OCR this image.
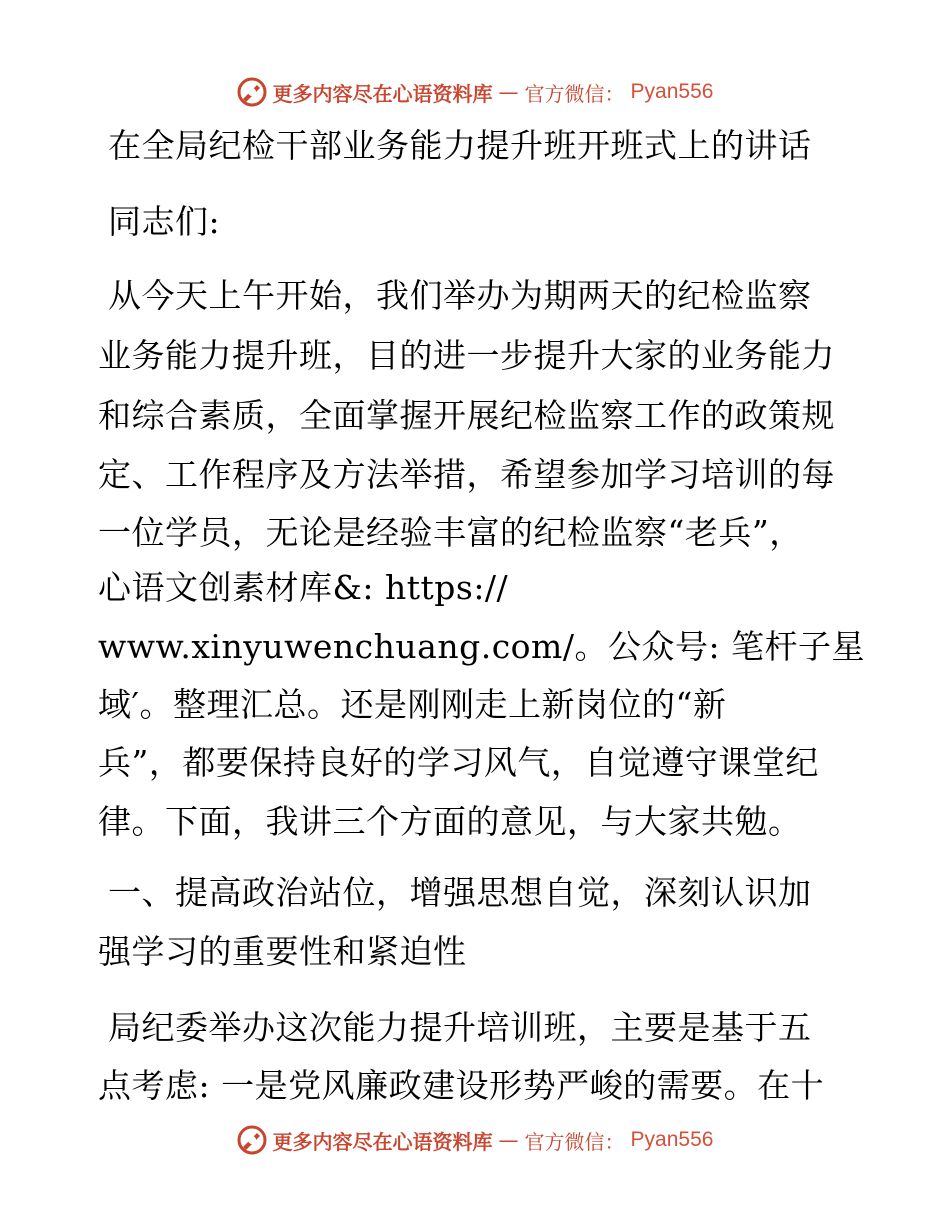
更多内容尽在心语资料库 — 官方微信： Pyan556
在全局纪检干部业务能力提升班开班式上的讲话
同志们:
从今天上午开始，我们举办为期两天的纪检监察
业务能力提升班，目的进一步提升大家的业务能力
和综合素质，全面掌握开展纪检监察工作的政策规
定、工作程序及方法举措，希望参加学习培训的每
一位学员，无论是经验丰富的纪检监察“老兵”，
心语文创素材库&: https://
www.xinyuwenchuang.com/。公众号: 笔杆子星
域′。整理汇总。还是刚刚走上新岗位的“新
兵”，都要保持良好的学习风气，自觉遵守课堂纪
律。下面，我讲三个方面的意见，与大家共勉。
一、提高政治站位，增强思想自觉，深刻认识加
强学习的重要性和紧迫性
局纪委举办这次能力提升培训班，主要是基于五
点考虑: 一是党风廉政建设形势严峻的需要。在十
更多内容尽在心语资料库 — 官方微信： Pyan556
